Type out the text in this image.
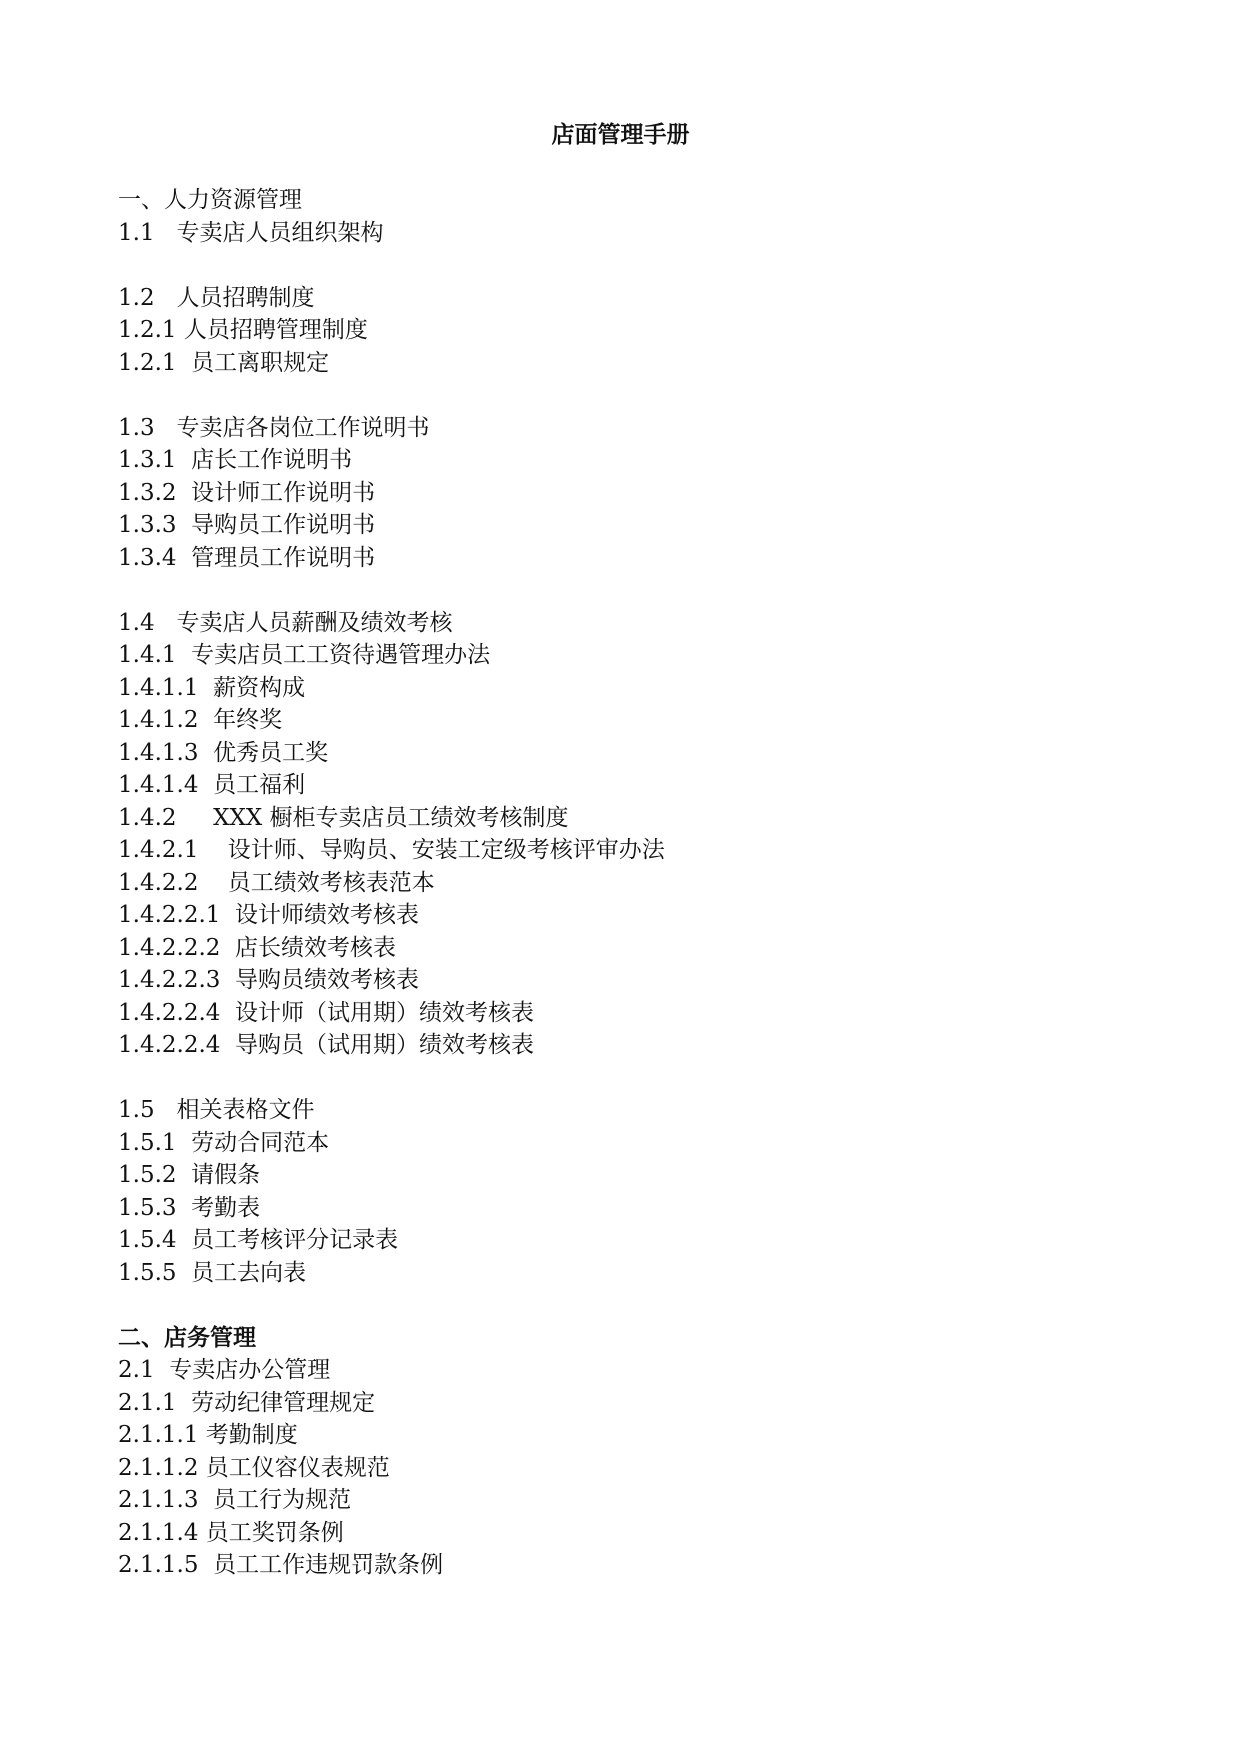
店面管理手册
一、人力资源管理
1.1   专卖店人员组织架构
1.2   人员招聘制度
1.2.1 人员招聘管理制度
1.2.1  员工离职规定
1.3   专卖店各岗位工作说明书
1.3.1  店长工作说明书
1.3.2  设计师工作说明书
1.3.3  导购员工作说明书
1.3.4  管理员工作说明书
1.4   专卖店人员薪酬及绩效考核
1.4.1  专卖店员工工资待遇管理办法
1.4.1.1  薪资构成
1.4.1.2  年终奖
1.4.1.3  优秀员工奖
1.4.1.4  员工福利
1.4.2     XXX 橱柜专卖店员工绩效考核制度
1.4.2.1    设计师、导购员、安装工定级考核评审办法
1.4.2.2    员工绩效考核表范本
1.4.2.2.1  设计师绩效考核表
1.4.2.2.2  店长绩效考核表
1.4.2.2.3  导购员绩效考核表
1.4.2.2.4  设计师（试用期）绩效考核表
1.4.2.2.4  导购员（试用期）绩效考核表
1.5   相关表格文件
1.5.1  劳动合同范本
1.5.2  请假条
1.5.3  考勤表
1.5.4  员工考核评分记录表
1.5.5  员工去向表
二、店务管理
2.1  专卖店办公管理
2.1.1  劳动纪律管理规定
2.1.1.1 考勤制度
2.1.1.2 员工仪容仪表规范
2.1.1.3  员工行为规范
2.1.1.4 员工奖罚条例
2.1.1.5  员工工作违规罚款条例
